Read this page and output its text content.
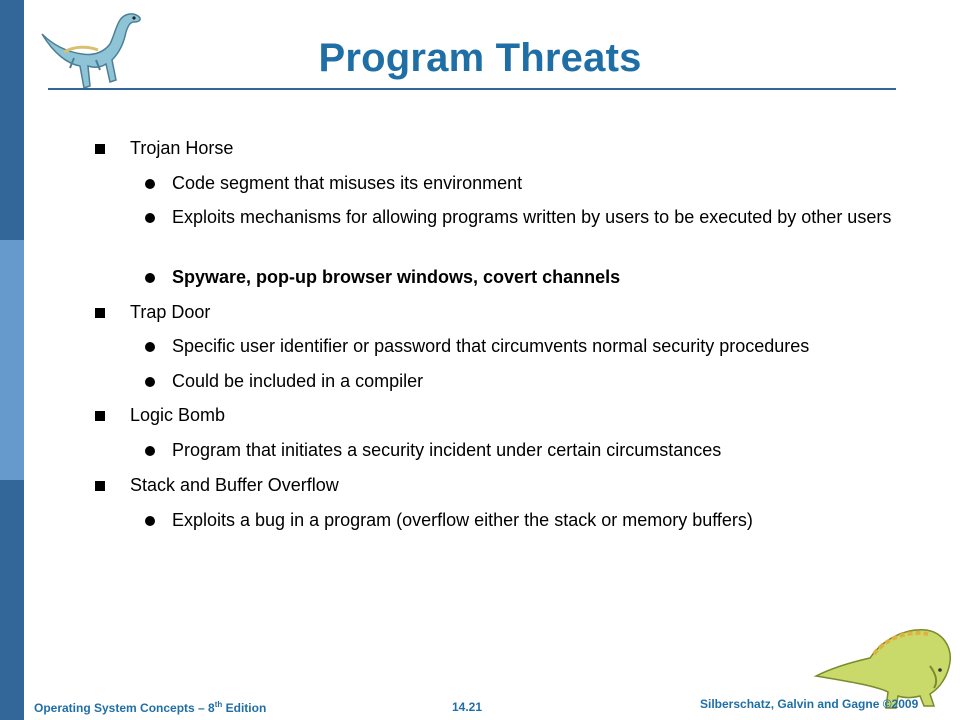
Program Threats
Trojan Horse
Code segment that misuses its environment
Exploits mechanisms for allowing programs written by users to be executed by other users
Spyware, pop-up browser windows, covert channels
Trap Door
Specific user identifier or password that circumvents normal security procedures
Could be included in a compiler
Logic Bomb
Program that initiates a security incident under certain circumstances
Stack and Buffer Overflow
Exploits a bug in a program (overflow either the stack or memory buffers)
Operating System Concepts – 8th Edition	14.21	Silberschatz, Galvin and Gagne ©2009
